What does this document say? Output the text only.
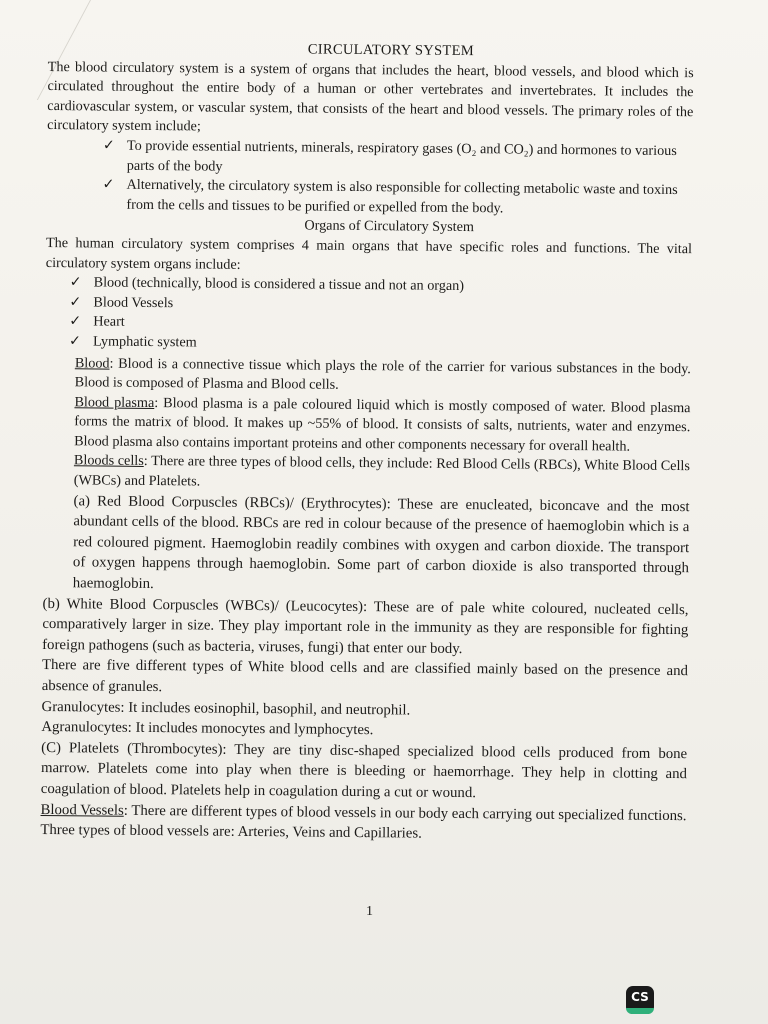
CIRCULATORY SYSTEM

The blood circulatory system is a system of organs that includes the heart, blood vessels, and blood which is circulated throughout the entire body of a human or other vertebrates and invertebrates. It includes the cardiovascular system, or vascular system, that consists of the heart and blood vessels. The primary roles of the circulatory system include;

✓ To provide essential nutrients, minerals, respiratory gases (O₂ and CO₂) and hormones to various parts of the body
✓ Alternatively, the circulatory system is also responsible for collecting metabolic waste and toxins from the cells and tissues to be purified or expelled from the body.

Organs of Circulatory System

The human circulatory system comprises 4 main organs that have specific roles and functions. The vital circulatory system organs include:

✓ Blood (technically, blood is considered a tissue and not an organ)
✓ Blood Vessels
✓ Heart
✓ Lymphatic system

Blood: Blood is a connective tissue which plays the role of the carrier for various substances in the body. Blood is composed of Plasma and Blood cells.

Blood plasma: Blood plasma is a pale coloured liquid which is mostly composed of water. Blood plasma forms the matrix of blood. It makes up ~55% of blood. It consists of salts, nutrients, water and enzymes. Blood plasma also contains important proteins and other components necessary for overall health.

Bloods cells: There are three types of blood cells, they include: Red Blood Cells (RBCs), White Blood Cells (WBCs) and Platelets.

(a) Red Blood Corpuscles (RBCs)/ (Erythrocytes): These are enucleated, biconcave and the most abundant cells of the blood. RBCs are red in colour because of the presence of haemoglobin which is a red coloured pigment. Haemoglobin readily combines with oxygen and carbon dioxide. The transport of oxygen happens through haemoglobin. Some part of carbon dioxide is also transported through haemoglobin.

(b) White Blood Corpuscles (WBCs)/ (Leucocytes): These are of pale white coloured, nucleated cells, comparatively larger in size. They play important role in the immunity as they are responsible for fighting foreign pathogens (such as bacteria, viruses, fungi) that enter our body.

There are five different types of White blood cells and are classified mainly based on the presence and absence of granules.

Granulocytes: It includes eosinophil, basophil, and neutrophil.

Agranulocytes: It includes monocytes and lymphocytes.

(C) Platelets (Thrombocytes): They are tiny disc-shaped specialized blood cells produced from bone marrow. Platelets come into play when there is bleeding or haemorrhage. They help in clotting and coagulation of blood. Platelets help in coagulation during a cut or wound.

Blood Vessels: There are different types of blood vessels in our body each carrying out specialized functions. Three types of blood vessels are: Arteries, Veins and Capillaries.

1
CS
